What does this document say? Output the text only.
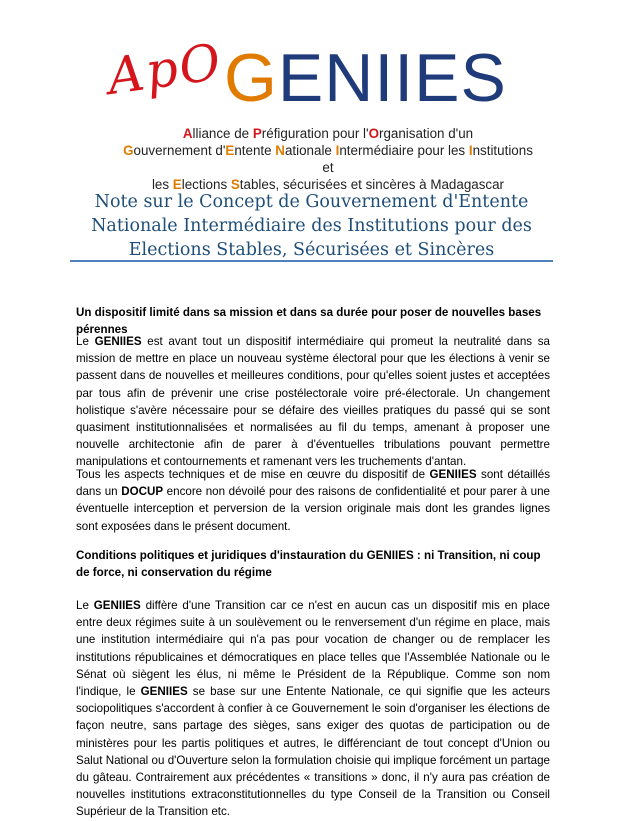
ApO
GENIIES
Alliance de Préfiguration pour l'Organisation d'un
Gouvernement d'Entente Nationale Intermédiaire pour les Institutions et
les Elections Stables, sécurisées et sincères à Madagascar
Note sur le Concept de Gouvernement d'Entente Nationale Intermédiaire des Institutions pour des Elections Stables, Sécurisées et Sincères
Un dispositif limité dans sa mission et dans sa durée pour poser de nouvelles bases pérennes
Le GENIIES est avant tout un dispositif intermédiaire qui promeut la neutralité dans sa mission de mettre en place un nouveau système électoral pour que les élections à venir se passent dans de nouvelles et meilleures conditions, pour qu'elles soient justes et acceptées par tous afin de prévenir une crise postélectorale voire pré-électorale. Un changement holistique s'avère nécessaire pour se défaire des vieilles pratiques du passé qui se sont quasiment institutionnalisées et normalisées au fil du temps, amenant à proposer une nouvelle architectonie afin de parer à d'éventuelles tribulations pouvant permettre manipulations et contournements et ramenant vers les truchements d'antan.
Tous les aspects techniques et de mise en œuvre du dispositif de GENIIES sont détaillés dans un DOCUP encore non dévoilé pour des raisons de confidentialité et pour parer à une éventuelle interception et perversion de la version originale mais dont les grandes lignes sont exposées dans le présent document.
Conditions politiques et juridiques d'instauration du GENIIES : ni Transition, ni coup de force, ni conservation du régime
Le GENIIES diffère d'une Transition car ce n'est en aucun cas un dispositif mis en place entre deux régimes suite à un soulèvement ou le renversement d'un régime en place, mais une institution intermédiaire qui n'a pas pour vocation de changer ou de remplacer les institutions républicaines et démocratiques en place telles que l'Assemblée Nationale ou le Sénat où siègent les élus, ni même le Président de la République. Comme son nom l'indique, le GENIIES se base sur une Entente Nationale, ce qui signifie que les acteurs sociopolitiques s'accordent à confier à ce Gouvernement le soin d'organiser les élections de façon neutre, sans partage des sièges, sans exiger des quotas de participation ou de ministères pour les partis politiques et autres, le différenciant de tout concept d'Union ou Salut National ou d'Ouverture selon la formulation choisie qui implique forcément un partage du gâteau. Contrairement aux précédentes « transitions » donc, il n'y aura pas création de nouvelles institutions extraconstitutionnelles du type Conseil de la Transition ou Conseil Supérieur de la Transition etc.
